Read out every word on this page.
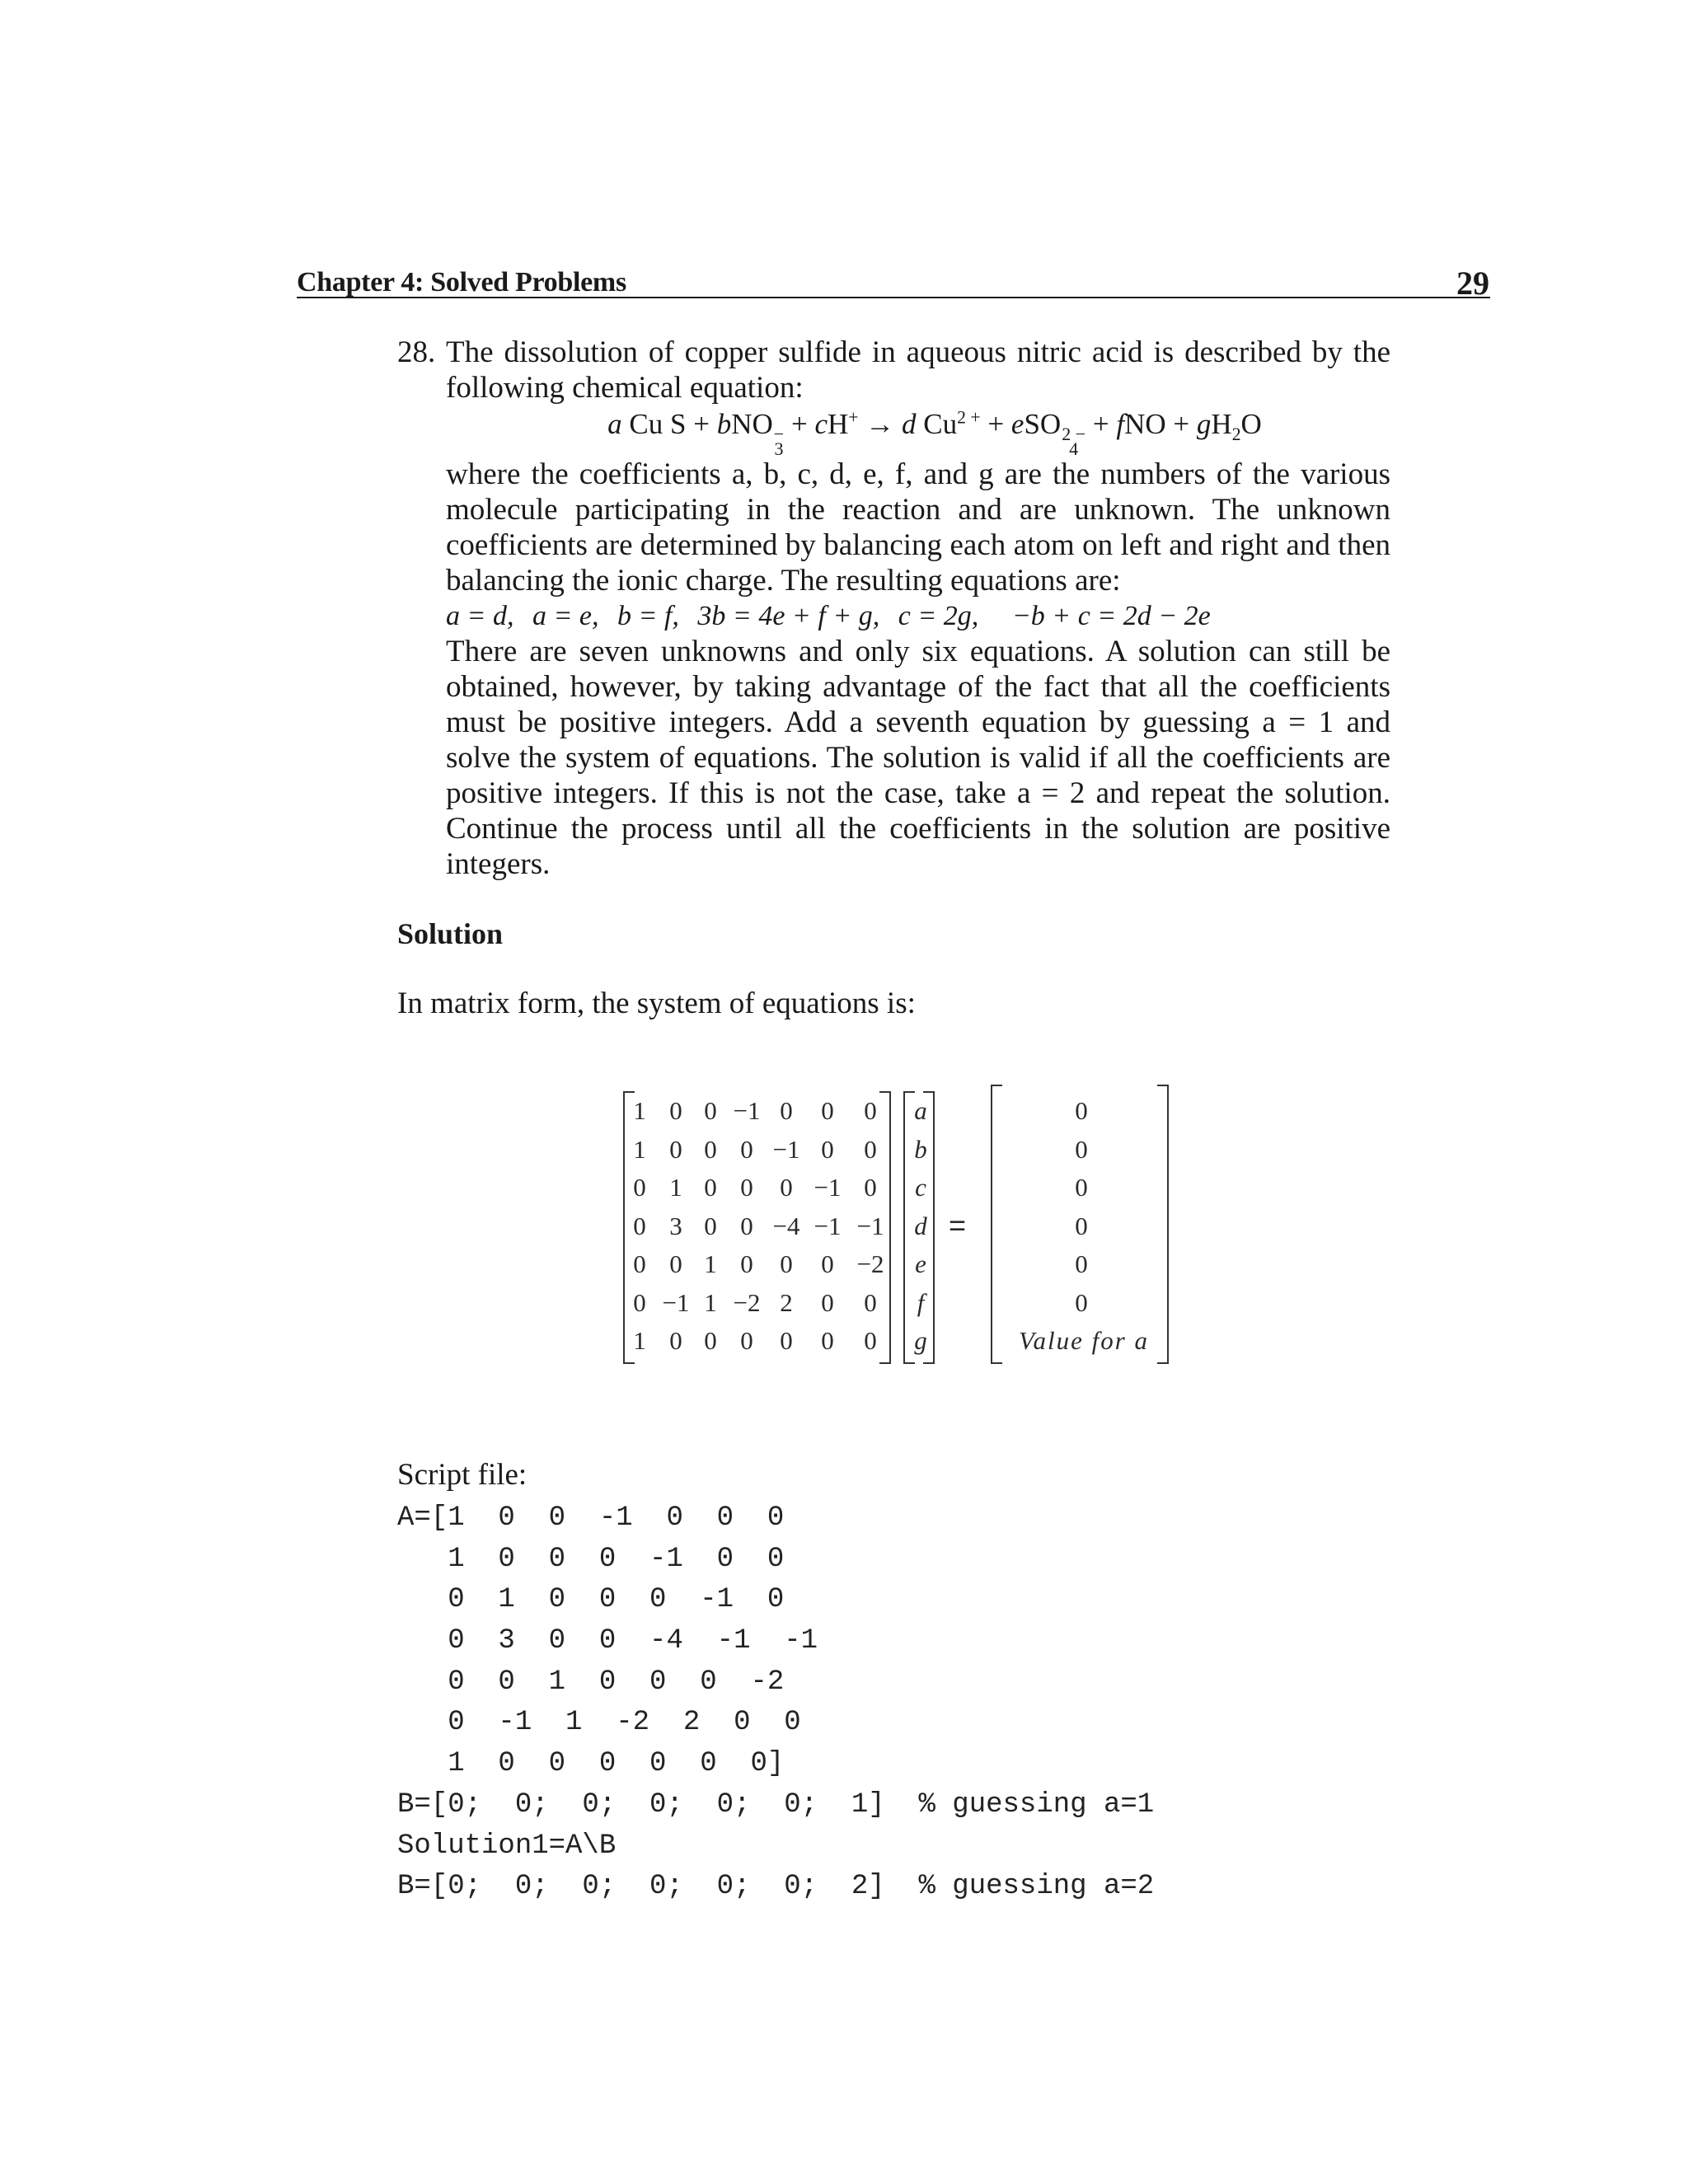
Chapter 4: Solved Problems	29
28. The dissolution of copper sulfide in aqueous nitric acid is described by the following chemical equation:

a Cu S + bNO −
3
+ cH+ → d $Cu^{2 +}$ + eSO 2 −
4
+ fNO + $gH_2O$

where the coefficients a, b, c, d, e, f, and g are the numbers of the various molecule participating in the reaction and are unknown. The unknown coefficients are determined by balancing each atom on left and right and then balancing the ionic charge. The resulting equations are:

a = d, a = e, b = f, 3b = 4e + f + g, c = 2g, −b + c = 2d − 2e

There are seven unknowns and only six equations. A solution can still be obtained, however, by taking advantage of the fact that all the coefficients must be positive integers. Add a seventh equation by guessing a = 1 and solve the system of equations. The solution is valid if all the coefficients are positive integers. If this is not the case, take a = 2 and repeat the solution. Continue the process until all the coefficients in the solution are positive integers.

Solution
In matrix form, the system of equations is:
1 0 0 −1 0	0	0
1 0 0 0 −1 0	0
0 1 0 0	0 −1 0
0 3 0 0 −4 −1 −1
0 0 1 0	0	0 −2
0 −1 1 −2 2	0	0
1 0 0 0	0	0	0
a
b
c
d
e
f
g
0
0
0
0
0
0
Value for a
=
Script file:
A=[1  0  0  -1  0  0  0
1  0  0  0  -1  0  0
0  1  0  0  0  -1  0
0  3  0  0  -4  -1  -1
0  0  1  0  0  0  -2
0  -1  1  -2  2  0  0
1  0  0  0  0  0  0]
B=[0;  0;  0;  0;  0;  0;  1]  % guessing a=1
Solution1=A\B
B=[0;  0;  0;  0;  0;  0;  2]  % guessing a=2
